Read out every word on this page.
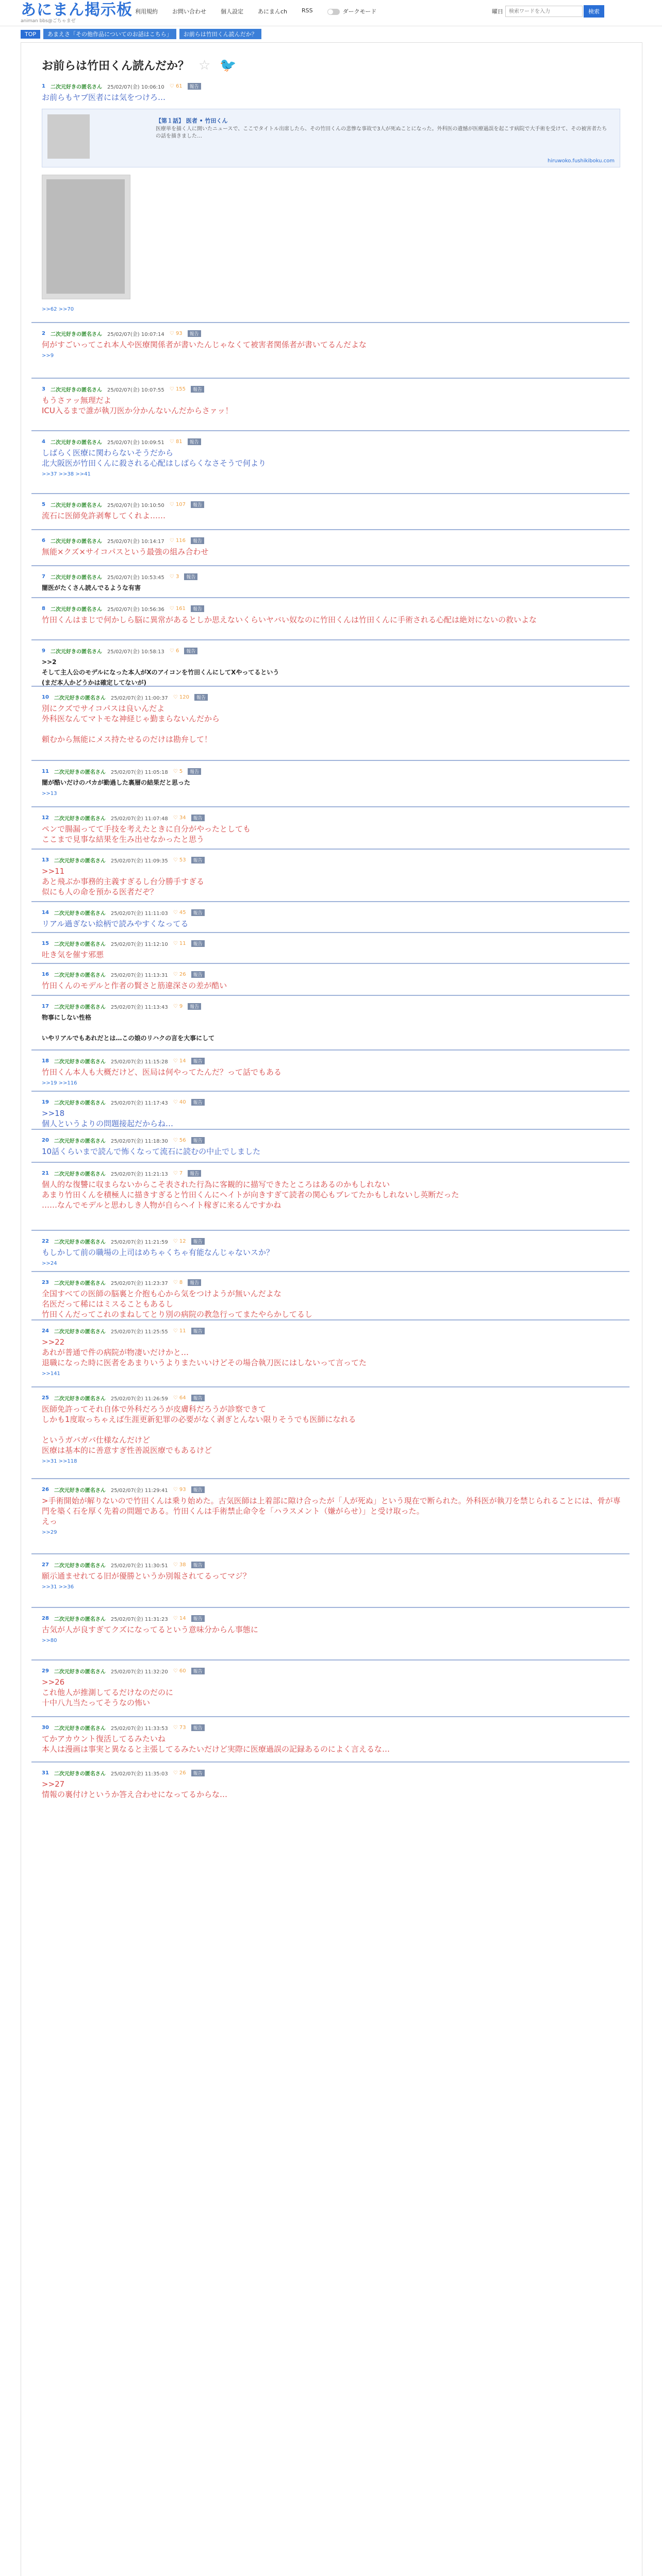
あにまん掲示板
animan bbs@ごちゃまぜ
利用規約	お問い合わせ	個人設定	あにまんch	RSS	ダークモード	曜日
検索ワードを入力	検索
TOP	あまえさ「その他作品についてのお話はこちら」	お前らは竹田くん読んだか？
お前らは竹田くん読んだか？ ☆ 🐦
1 二次元好きの匿名さん 25/02/07(金) 10:06:10 ♡ 61	報告
お前らもヤブ医者には気をつけろ…
>>62 >>70
2 二次元好きの匿名さん 25/02/07(金) 10:07:14 ♡ 93	報告
何がすごいってこれ本人や医療関係者が書いたんじゃなくて被害者関係者が書いてるんだよな
>>9
3 二次元好きの匿名さん 25/02/07(金) 10:07:55 ♡ 155	報告
もうさァッ無理だよ
ICU入るまで誰が執刀医か分かんないんだからさァッ！
4 二次元好きの匿名さん 25/02/07(金) 10:09:51 ♡ 81	報告
しばらく医療に関わらないそうだから
北大阪医が竹田くんに殺される心配はしばらくなさそうで何より
>>37 >>38 >>41
5 二次元好きの匿名さん 25/02/07(金) 10:10:50 ♡ 107	報告
流石に医師免許剥奪してくれよ……
6 二次元好きの匿名さん 25/02/07(金) 10:14:17 ♡ 116	報告
無能×クズ×サイコパスという最強の組み合わせ
7 二次元好きの匿名さん 25/02/07(金) 10:53:45 ♡ 3	報告
闇医がたくさん読んでるような有害
8 二次元好きの匿名さん 25/02/07(金) 10:56:36 ♡ 161	報告
竹田くんはまじで何かしら脳に異常があるとしか思えないくらいヤバい奴なのに竹田くんは竹田くんに手術される心配は絶対にないの救いよな
9 二次元好きの匿名さん 25/02/07(金) 10:58:13 ♡ 6	報告
>>2
そして主人公のモデルになった本人がXのアイコンを竹田くんにしてXやってるという
(まだ本人かどうかは確定してないが)
10 二次元好きの匿名さん 25/02/07(金) 11:00:37 ♡ 120	報告
別にクズでサイコパスは良いんだよ
外科医なんてマトモな神経じゃ勤まらないんだから

頼むから無能にメス持たせるのだけは勘弁して！
11 二次元好きの匿名さん 25/02/07(金) 11:05:18 ♡ 5	報告
闇が酷いだけのパカが勤過した裏層の結果だと思った
>>13
12 二次元好きの匿名さん 25/02/07(金) 11:07:48 ♡ 34	報告
ペンで腸漏ってて手技を考えたときに自分がやったとしても
ここまで見事な結果を生み出せなかったと思う
13 二次元好きの匿名さん 25/02/07(金) 11:09:35 ♡ 53	報告
>>11
あと飛ぶか事務的主義すぎるし台分勝手すぎる
似にも人の命を預かる医者だぞ？
14 二次元好きの匿名さん 25/02/07(金) 11:11:03 ♡ 45	報告
リアル過ぎない絵柄で読みやすくなってる
15 二次元好きの匿名さん 25/02/07(金) 11:12:10 ♡ 11	報告
吐き気を催す邪悪
16 二次元好きの匿名さん 25/02/07(金) 11:13:31 ♡ 26	報告
竹田くんのモデルと作者の賢さと筋違深さの差が酷い
17 二次元好きの匿名さん 25/02/07(金) 11:13:43 ♡ 9	報告
物事にしない性格

いやリアルでもあれだとは…この娘のリハクの言を大事にして
18 二次元好きの匿名さん 25/02/07(金) 11:15:28 ♡ 14	報告
竹田くん本人も大概だけど、医局は何やってたんだ？って話でもある
>>19 >>116
19 二次元好きの匿名さん 25/02/07(金) 11:17:43 ♡ 40	報告
>>18
個人というよりの問題接起だからね…
20 二次元好きの匿名さん 25/02/07(金) 11:18:30 ♡ 56	報告
10話くらいまで読んで怖くなって流石に読むの中止でしました
21 二次元好きの匿名さん 25/02/07(金) 11:21:13 ♡ 7	報告
個人的な復讐に収まらないからこそ表された行為に客観的に描写できたところはあるのかもしれない
あまり竹田くんを積極人に描きすぎると竹田くんにヘイトが向きすぎて読者の関心もブレてたかもしれないし英断だった
……なんでモデルと思わしき人物が自らヘイト稼ぎに来るんですかね
22 二次元好きの匿名さん 25/02/07(金) 11:21:59 ♡ 12	報告
もしかして前の職場の上司はめちゃくちゃ有能なんじゃないスか？
>>24
23 二次元好きの匿名さん 25/02/07(金) 11:23:37 ♡ 8	報告
全国すべての医師の脳裏と介抱も心から気をつけようが無いんだよな
名医だって稀にはミスることもあるし
竹田くんだってこれのまねしてとり別の病院の教急行ってまたやらかしてるし
24 二次元好きの匿名さん 25/02/07(金) 11:25:55 ♡ 11	報告
>>22
あれが普通で件の病院が物凄いだけかと…
退職になった時に医者をあまりいうよりまたいいけどその場合執刀医にはしないって言ってた
>>141
25 二次元好きの匿名さん 25/02/07(金) 11:26:59 ♡ 64	報告
医師免許ってそれ自体で外科だろうが皮膚科だろうが診察できて
しかも1度取っちゃえば生涯更新犯罪の必要がなく剥ぎとんない限りそうでも医師になれる

というガバガバ仕様なんだけど
医療は基本的に善意すぎ性善説医療でもあるけど
>>31 >>118
26 二次元好きの匿名さん 25/02/07(金) 11:29:41 ♡ 93	報告
>手術開始が解りないので竹田くんは乗り始めた。古気医師は上着部に隙け合ったが「人が死ぬ」という現在で断られた。外科医が執刀を禁じられることには、骨が専門を築く石を厚く先着の問題である。竹田くんは手術禁止命令を「ハラスメント（嫌がらせ）」と受け取った。
えっ
>>29
27 二次元好きの匿名さん 25/02/07(金) 11:30:51 ♡ 38	報告
願示通ませれてる旧が優勝というか別報されてるってマジ？
>>31 >>36
28 二次元好きの匿名さん 25/02/07(金) 11:31:23 ♡ 14	報告
古気が人が良すぎてクズになってるという意味分からん事態に
>>80
29 二次元好きの匿名さん 25/02/07(金) 11:32:20 ♡ 60	報告
>>26
これ他人が推測してるだけなのだのに
十中八九当たってそうなの怖い
30 二次元好きの匿名さん 25/02/07(金) 11:33:53 ♡ 73	報告
てかアカウント復活してるみたいね
本人は漫画は事実と異なると主張してるみたいだけど実際に医療過誤の記録あるのによく言えるな…
31 二次元好きの匿名さん 25/02/07(金) 11:35:03 ♡ 26	報告
>>27
情報の裏付けというか答え合わせになってるからな…
【第１話】 医者 • 竹田くん
医療単を描く人に開いたニュースで、ここでタイトル出席したら、その竹田くんの悲惨な事故で3人が死ぬことになった。外科医の遺憾が医療過誤を起こす病院で大手術を受けて、その被害者たちの話を描きました…
hiruwoko.fushikiboku.com
